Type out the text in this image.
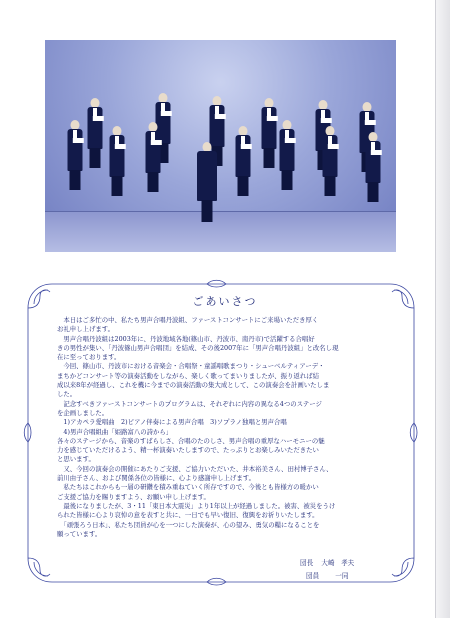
ごあいさつ

　本日はご多忙の中、私たち男声合唱丹波組、ファーストコンサートにご来場いただき厚く

お礼申し上げます。

　男声合唱丹波組は2003年に、丹波地域各地(篠山市、丹波市、南丹市)で活躍する合唱好

きの男性が集い、「丹波篠山男声合唱団」を結成、その後2007年に「男声合唱丹波組」と改名し現

在に至っております。

　今回、篠山市、丹波市における音楽会・合唱祭・童謡唱歌まつり・シューベルティアーデ・

まちかどコンサート等の演奏活動をしながら、楽しく歌ってまいりましたが、振り返れば結

成以来8年が経過し、これを機に今までの演奏活動の集大成として、この演奏会を計画いたしま

した。

　記念すべきファーストコンサートのプログラムは、それぞれに内容の異なる4つのステージ

を企画しました。

　1)アカペラ愛唱曲　2)ピアノ伴奏による男声合唱　3)ソプラノ独唱と男声合唱

　4)男声合唱組曲「姫路富八の詩から」

各々のステージから、音楽のすばらしさ、合唱のたのしさ、男声合唱の重厚なハーモニーの魅

力を感じていただけるよう、精一杯演奏いたしますので、たっぷりとお楽しみいただきたい

と思います。

　又、今回の演奏会の開催にあたりご支援、ご協力いただいた、井本裕美さん、田村博子さん、

前川由子さん、および関係各位の皆様に、心より感謝申し上げます。

　私たちはこれからも一層の研鑽を積み重ねていく所存ですので、今後とも皆様方の暖かい

ご支援ご協力を賜りますよう、お願い申し上げます。

　最後になりましたが、3・11「東日本大震災」より1年以上が経過しました。被害、被災をうけ

られた皆様に心より哀悼の意を表すと共に、一日でも早い復旧、復興をお祈りいたします。

　「頑張ろう日本」、私たち団員が心を一つにした演奏が、心の望み、勇気の糧になることを

願っています。

団長 大崎　孝夫
団員 一同
